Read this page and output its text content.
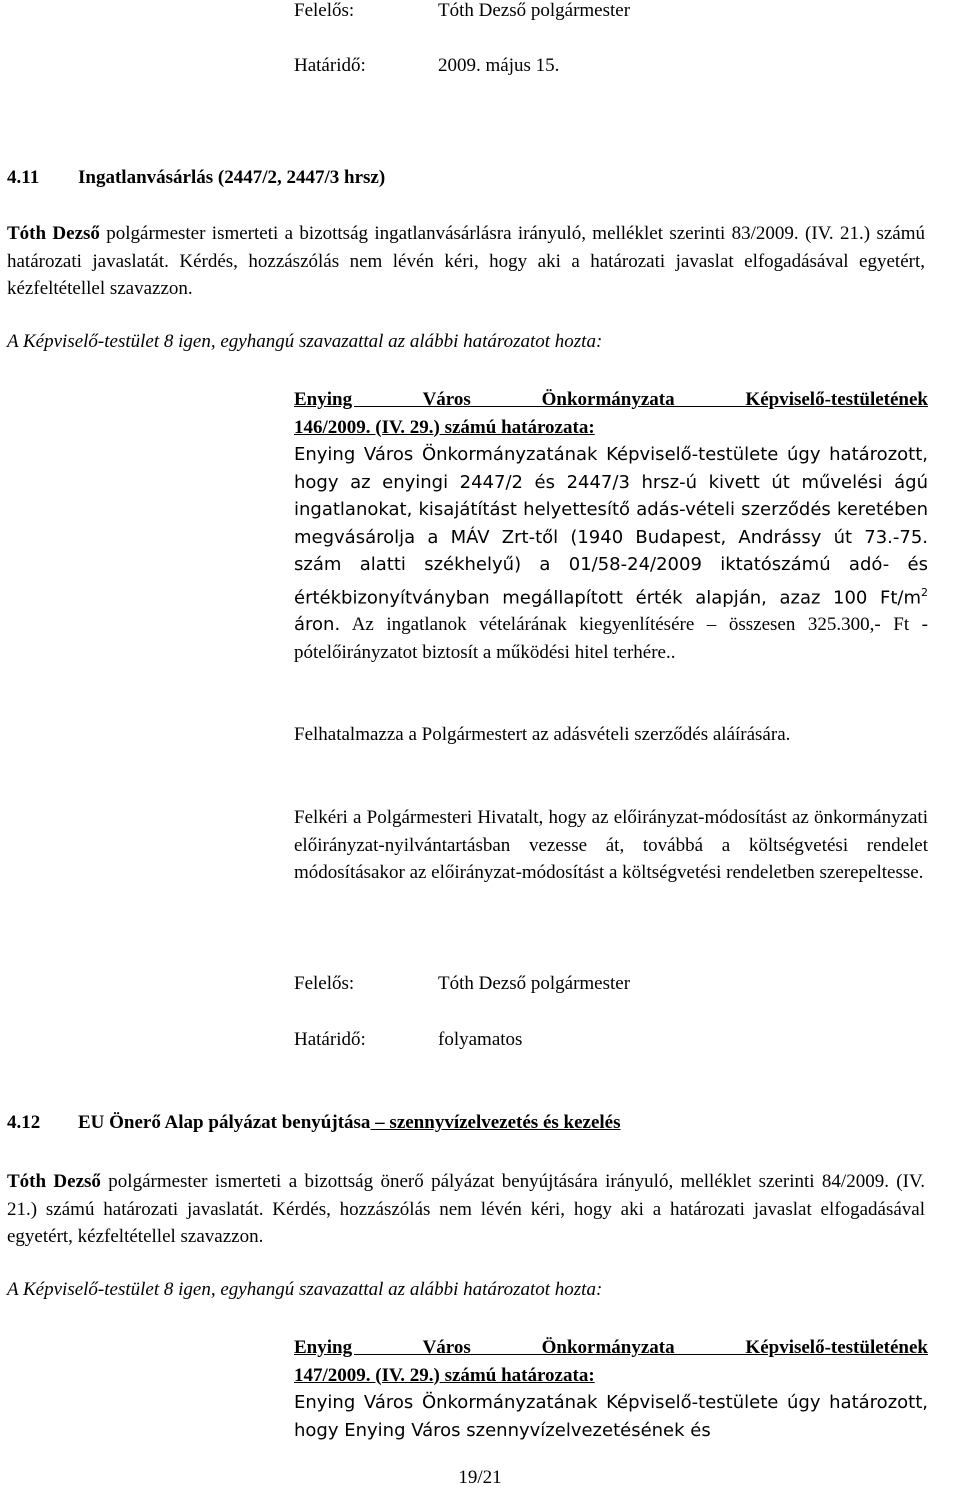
Felelős:	Tóth Dezső polgármester
Határidő:	2009. május 15.
4.11 Ingatlanvásárlás (2447/2, 2447/3 hrsz)

Tóth Dezső polgármester ismerteti a bizottság ingatlanvásárlásra irányuló, melléklet szerinti 83/2009. (IV. 21.) számú határozati javaslatát. Kérdés, hozzászólás nem lévén kéri, hogy aki a határozati javaslat elfogadásával egyetért, kézfeltétellel szavazzon.

A Képviselő-testület 8 igen, egyhangú szavazattal az alábbi határozatot hozta:
Enying Város Önkormányzata Képviselő-testületének
146/2009. (IV. 29.) számú határozata:

Enying Város Önkormányzatának Képviselő-testülete úgy határozott, hogy az enyingi 2447/2 és 2447/3 hrsz-ú kivett út művelési ágú ingatlanokat, kisajátítást helyettesítő adás-vételi szerződés keretében megvásárolja a MÁV Zrt-től (1940 Budapest, Andrássy út 73.-75. szám alatti székhelyű) a 01/58-24/2009 iktatószámú adó- és értékbizonyítványban megállapított érték alapján, azaz 100 $Ft/m^2$ áron. Az ingatlanok vételárának kiegyenlítésére – összesen 325.300,- Ft - pótelőirányzatot biztosít a működési hitel terhére..

Felhatalmazza a Polgármestert az adásvételi szerződés aláírására.

Felkéri a Polgármesteri Hivatalt, hogy az előirányzat-módosítást az önkormányzati előirányzat-nyilvántartásban vezesse át, továbbá a költségvetési rendelet módosításakor az előirányzat-módosítást a költségvetési rendeletben szerepeltesse.

Felelős:	Tóth Dezső polgármester
Határidő:	folyamatos
4.12 EU Önerő Alap pályázat benyújtása – szennyvízelvezetés és kezelés

Tóth Dezső polgármester ismerteti a bizottság önerő pályázat benyújtására irányuló, melléklet szerinti 84/2009. (IV. 21.) számú határozati javaslatát. Kérdés, hozzászólás nem lévén kéri, hogy aki a határozati javaslat elfogadásával egyetért, kézfeltétellel szavazzon.

A Képviselő-testület 8 igen, egyhangú szavazattal az alábbi határozatot hozta:
Enying Város Önkormányzata Képviselő-testületének
147/2009. (IV. 29.) számú határozata:

Enying Város Önkormányzatának Képviselő-testülete úgy határozott, hogy Enying Város szennyvízelvezetésének és

19/21
